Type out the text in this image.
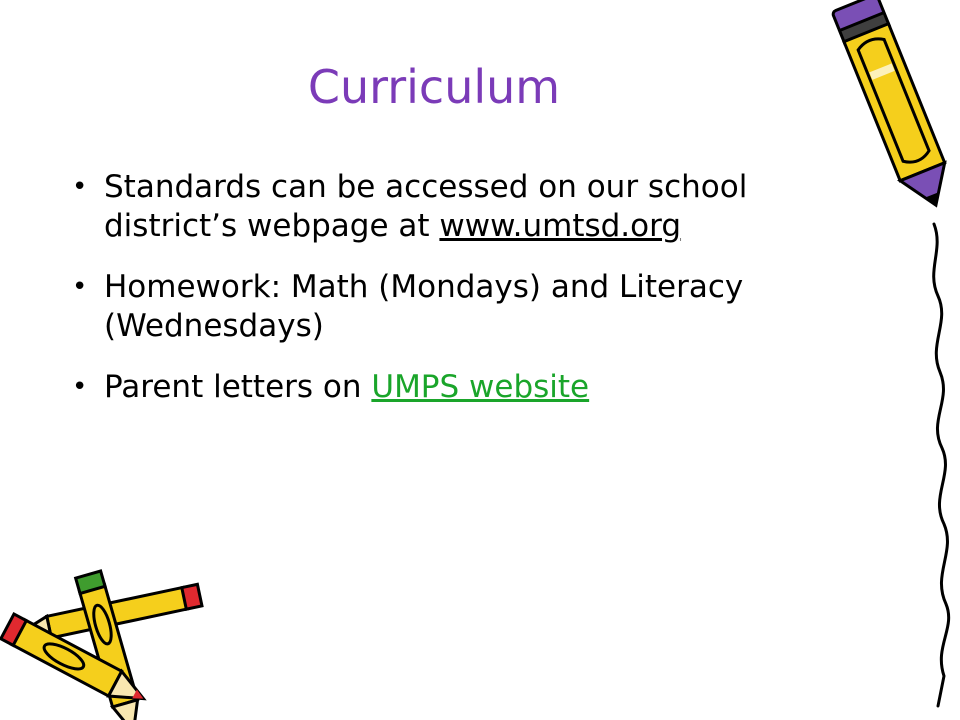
Curriculum
• Standards can be accessed on our school district’s webpage at www.umtsd.org
• Homework: Math (Mondays) and Literacy (Wednesdays)
• Parent letters on UMPS website
